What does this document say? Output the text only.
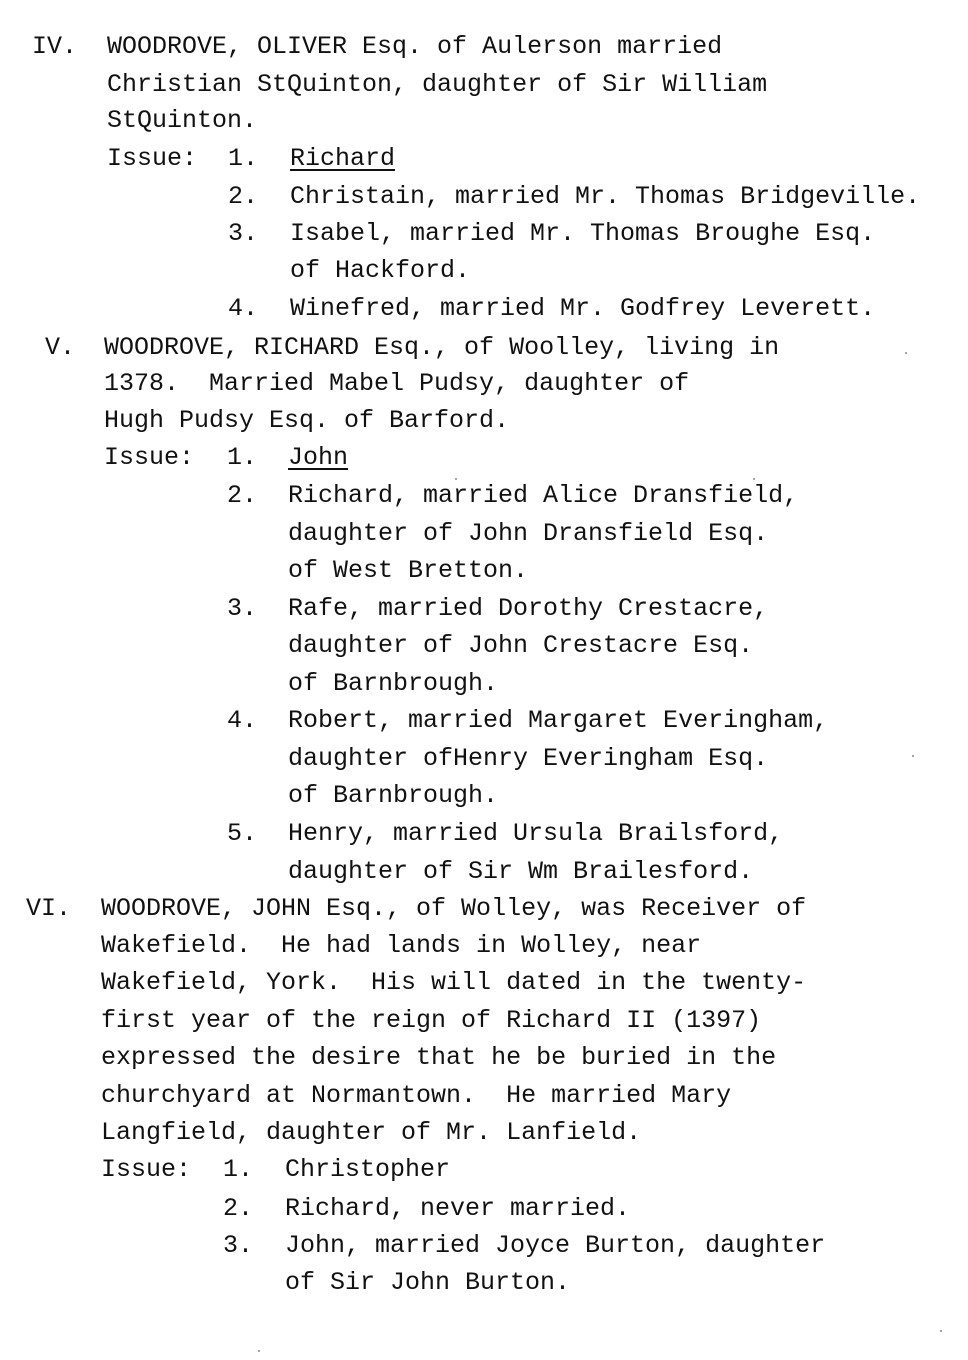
IV. WOODROVE, OLIVER Esq. of Aulerson married
Christian StQuinton, daughter of Sir William
StQuinton.
Issue: 1. Richard
2. Christain, married Mr. Thomas Bridgeville.
3. Isabel, married Mr. Thomas Broughe Esq.
of Hackford.
4. Winefred, married Mr. Godfrey Leverett.
V. WOODROVE, RICHARD Esq., of Woolley, living in
1378.  Married Mabel Pudsy, daughter of
Hugh Pudsy Esq. of Barford.
Issue: 1. John
2. Richard, married Alice Dransfield,
daughter of John Dransfield Esq.
of West Bretton.
3. Rafe, married Dorothy Crestacre,
daughter of John Crestacre Esq.
of Barnbrough.
4. Robert, married Margaret Everingham,
daughter ofHenry Everingham Esq.
of Barnbrough.
5. Henry, married Ursula Brailsford,
daughter of Sir Wm Brailesford.
VI. WOODROVE, JOHN Esq., of Wolley, was Receiver of
Wakefield.  He had lands in Wolley, near
Wakefield, York.  His will dated in the twenty-
first year of the reign of Richard II (1397)
expressed the desire that he be buried in the
churchyard at Normantown.  He married Mary
Langfield, daughter of Mr. Lanfield.
Issue: 1. Christopher
2. Richard, never married.
3. John, married Joyce Burton, daughter
of Sir John Burton.
